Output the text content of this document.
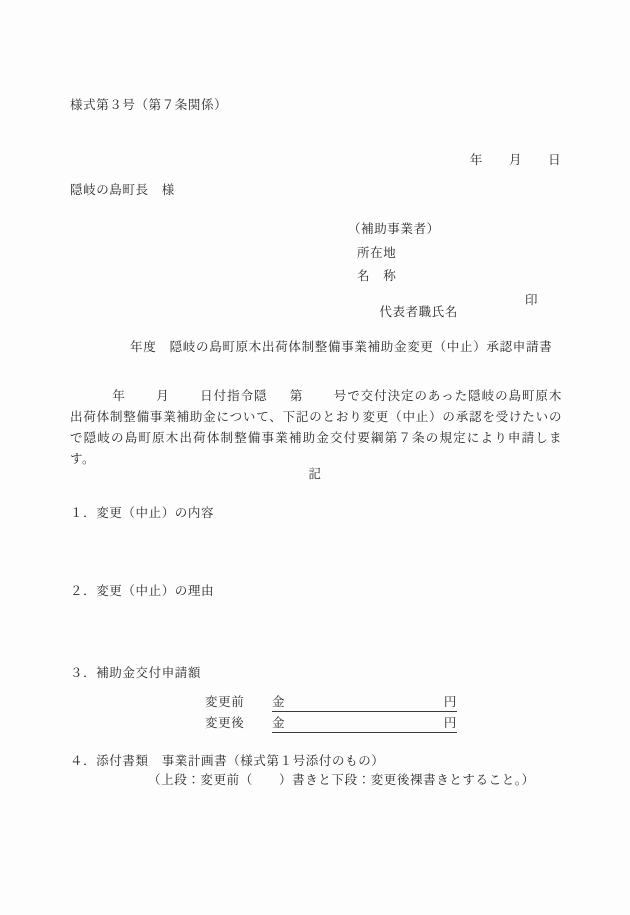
様式第３号（第７条関係）

年 月 日

隠岐の島町長　様
（補助事業者）
所在地
名　称

代表者職氏名

印

年度　隠岐の島町原木出荷体制整備事業補助金変更（中止）承認申請書
年 月 日付指令隠 第 号で交付決定のあった隠岐の島町原木出荷体制整備事業補助金について、下記のとおり変更（中止）の承認を受けたいので隠岐の島町原木出荷体制整備事業補助金交付要綱第７条の規定により申請します。
記
１．変更（中止）の内容
２．変更（中止）の理由
３．補助金交付申請額
変更前	金	円
変更後	金	円
４．添付書類　事業計画書（様式第１号添付のもの）
（上段：変更前（　　）書きと下段：変更後裸書きとすること。）
